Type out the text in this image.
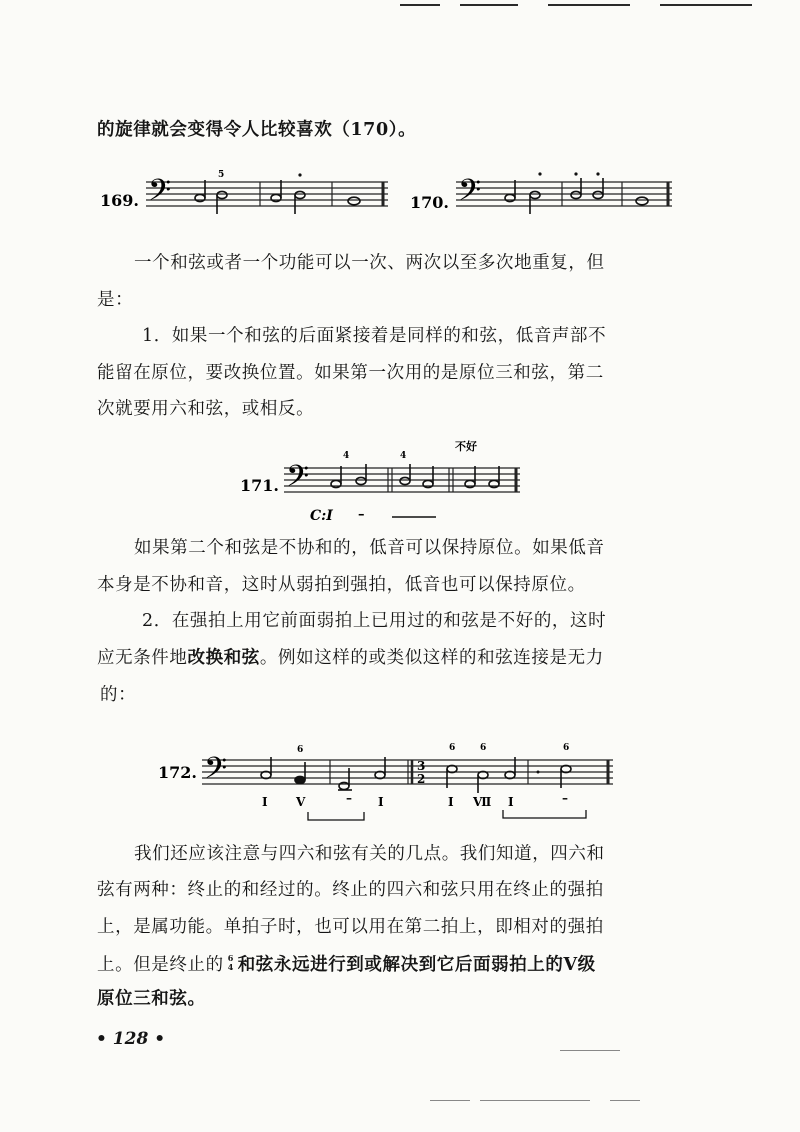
的旋律就会变得令人比较喜欢（170）。
169. 𝄢	5
170. 𝄢
一个和弦或者一个功能可以一次、两次以至多次地重复，但
是：
1．如果一个和弦的后面紧接着是同样的和弦，低音声部不
能留在原位，要改换位置。如果第一次用的是原位三和弦，第二
次就要用六和弦，或相反。
171. 𝄢
4	4
不好
C:Ⅰ –
如果第二个和弦是不协和的，低音可以保持原位。如果低音
本身是不协和音，这时从弱拍到强拍，低音也可以保持原位。
2．在强拍上用它前面弱拍上已用过的和弦是不好的，这时
应无条件地改换和弦。例如这样的或类似这样的和弦连接是无力
的：
172. 𝄢	3
2
6	6	6	6
Ⅰ Ⅴ	– Ⅰ	Ⅰ Ⅶ Ⅰ	–
我们还应该注意与四六和弦有关的几点。我们知道，四六和
弦有两种：终止的和经过的。终止的四六和弦只用在终止的强拍
上，是属功能。单拍子时，也可以用在第二拍上，即相对的强拍
上。但是终止的 6
4 和弦永远进行到或解决到它后面弱拍上的Ⅴ级
原位三和弦。
• 128 •
